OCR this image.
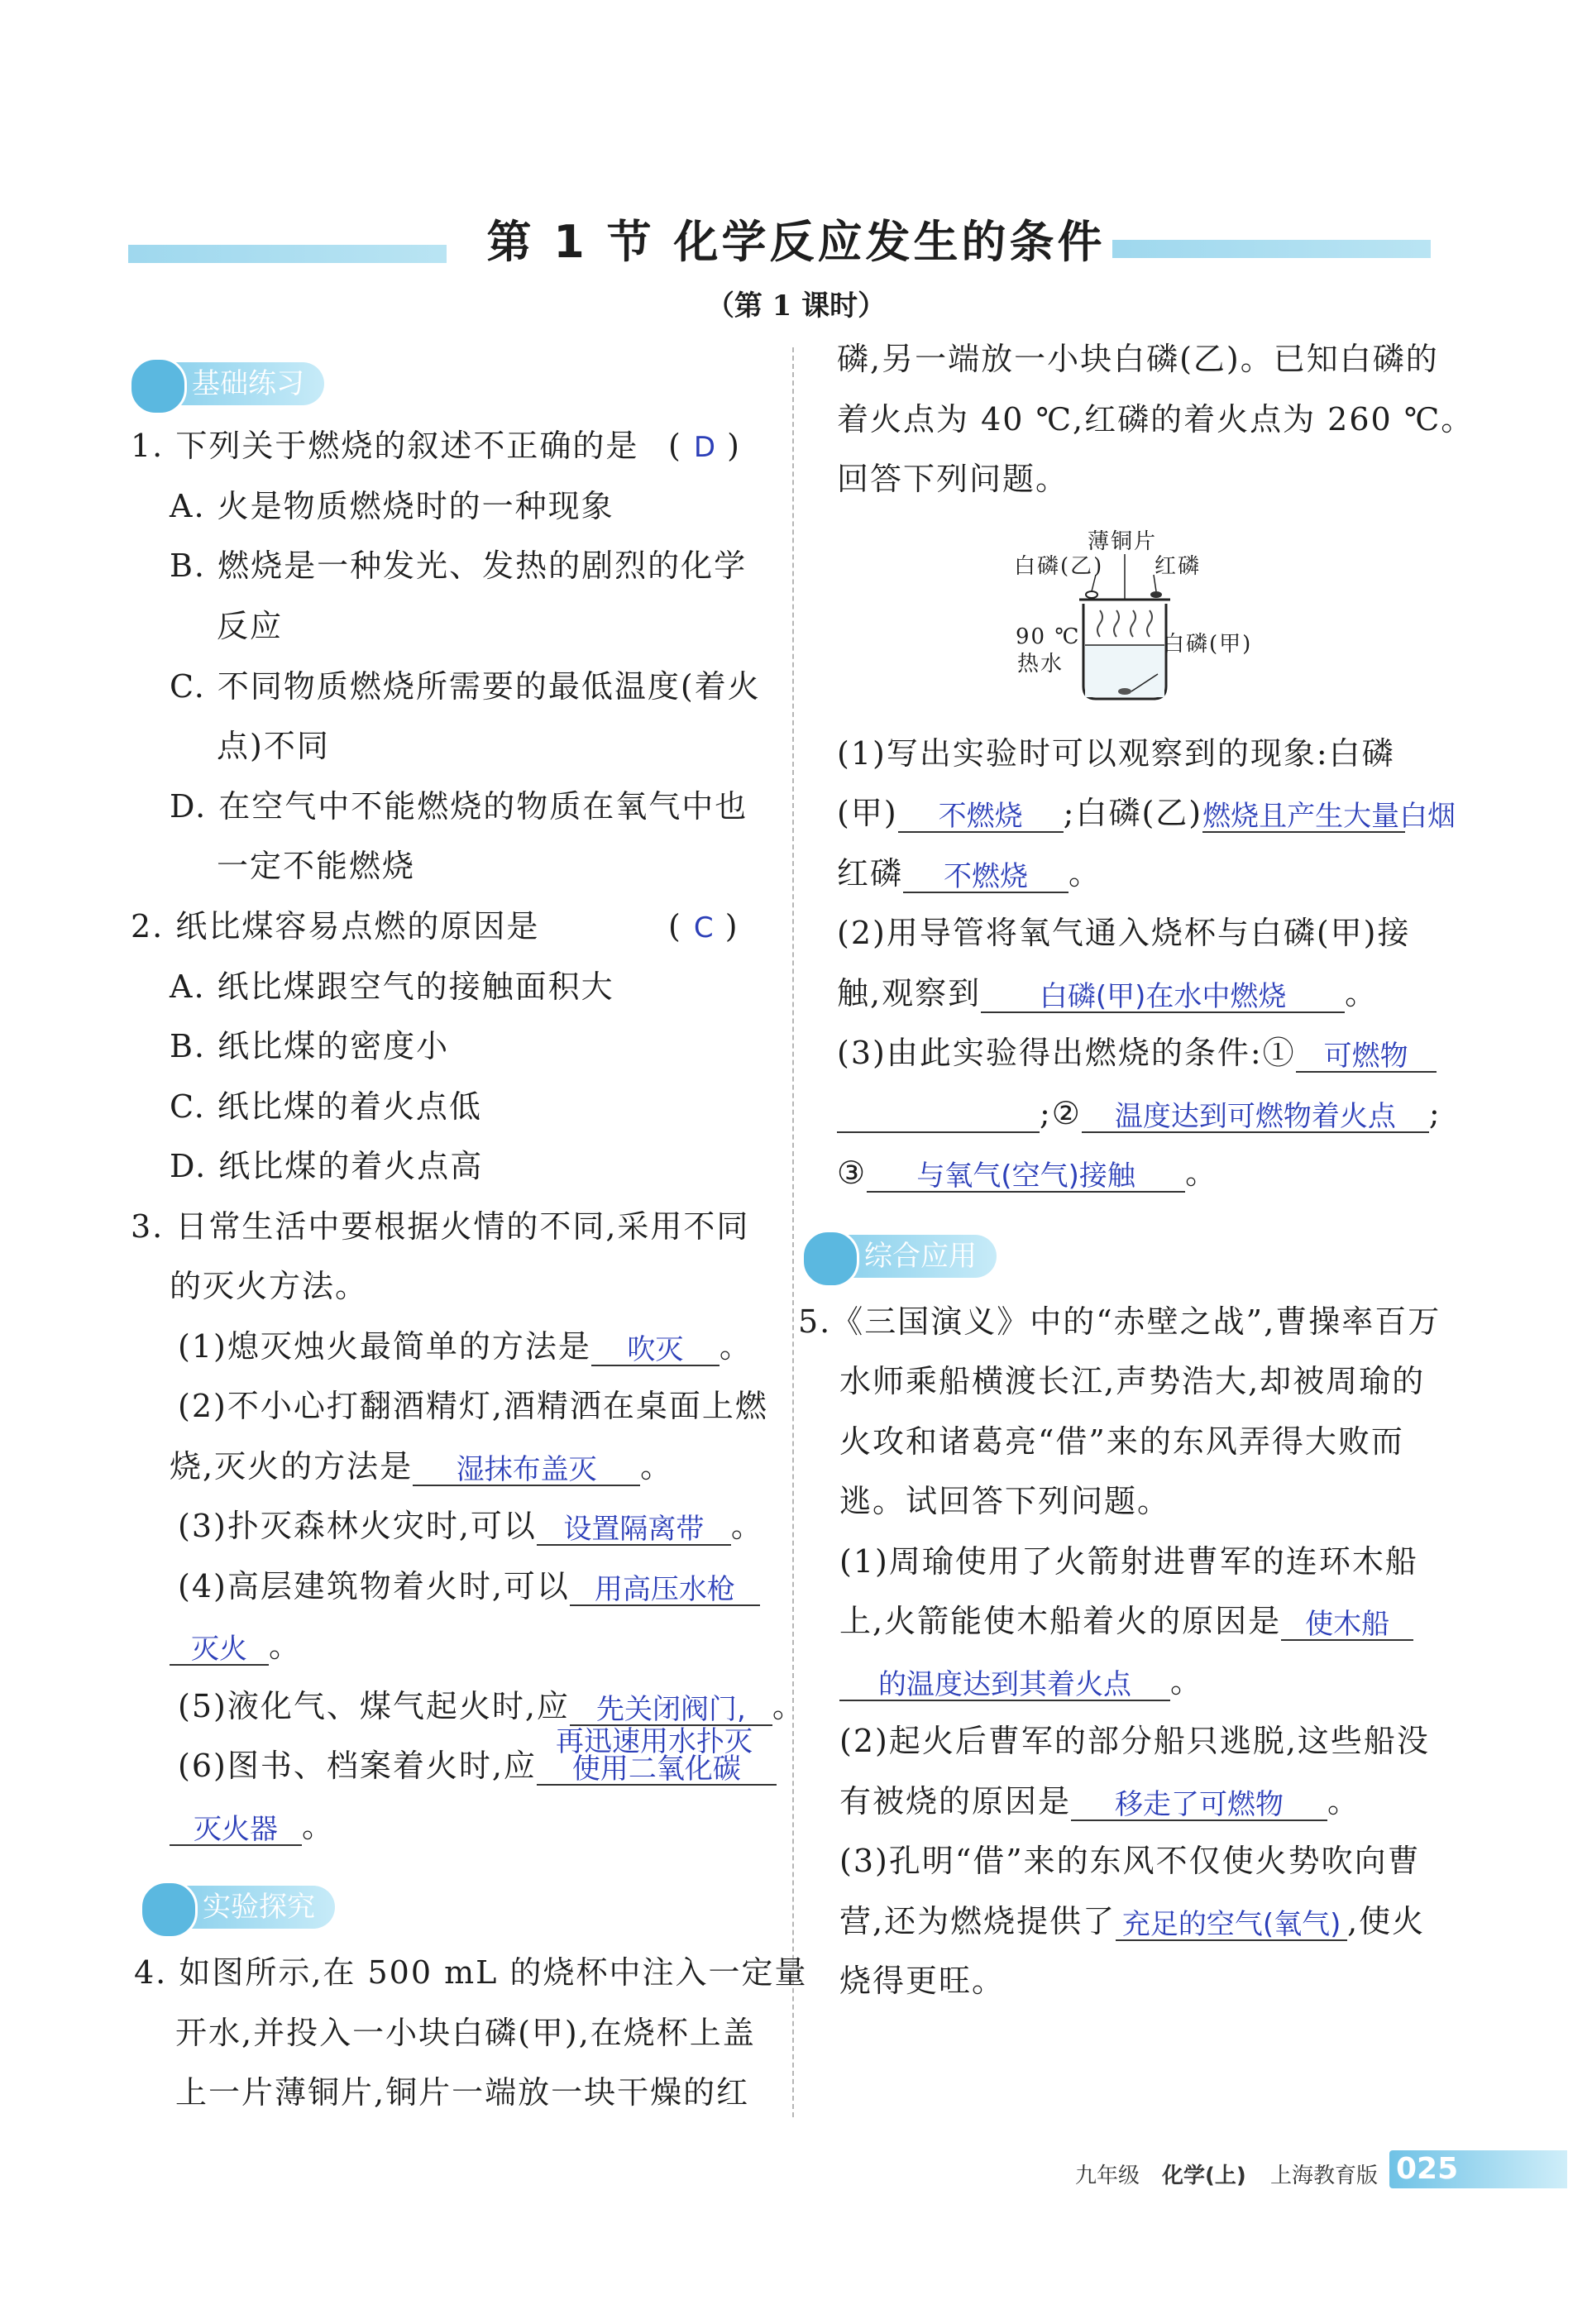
第 1 节 化学反应发生的条件
（第 1 课时）
基础练习
1. 下列关于燃烧的叙述不正确的是 ( D )
A. 火是物质燃烧时的一种现象
B. 燃烧是一种发光、发热的剧烈的化学
反应
C. 不同物质燃烧所需要的最低温度(着火
点)不同
D. 在空气中不能燃烧的物质在氧气中也
一定不能燃烧
2. 纸比煤容易点燃的原因是	( C )
A. 纸比煤跟空气的接触面积大
B. 纸比煤的密度小
C. 纸比煤的着火点低
D. 纸比煤的着火点高
3. 日常生活中要根据火情的不同,采用不同
的灭火方法。
(1)熄灭烛火最简单的方法是 吹灭 。
(2)不小心打翻酒精灯,酒精洒在桌面上燃
烧,灭火的方法是 湿抹布盖灭 。
(3)扑灭森林火灾时,可以 设置隔离带 。
(4)高层建筑物着火时,可以 用高压水枪
灭火 。
(5)液化气、煤气起火时,应 先关闭阀门, 。
再迅速用水扑灭
(6)图书、档案着火时,应 使用二氧化碳
灭火器 。
实验探究
4. 如图所示,在 500 mL 的烧杯中注入一定量
开水,并投入一小块白磷(甲),在烧杯上盖
上一片薄铜片,铜片一端放一块干燥的红
磷,另一端放一小块白磷(乙)。已知白磷的
着火点为 40 ℃,红磷的着火点为 260 ℃。
回答下列问题。
薄铜片
白磷(乙) 红磷
90 ℃
热水
白磷(甲)
(1)写出实验时可以观察到的现象:白磷
(甲) 不燃烧 ;白磷(乙)燃烧且产生大量白烟
红磷 不燃烧 。
(2)用导管将氧气通入烧杯与白磷(甲)接
触,观察到 白磷(甲)在水中燃烧 。
(3)由此实验得出燃烧的条件:① 可燃物
;② 温度达到可燃物着火点 ;
③ 与氧气(空气)接触 。
综合应用
5.《三国演义》中的“赤壁之战”,曹操率百万
水师乘船横渡长江,声势浩大,却被周瑜的
火攻和诸葛亮“借”来的东风弄得大败而
逃。试回答下列问题。
(1)周瑜使用了火箭射进曹军的连环木船
上,火箭能使木船着火的原因是 使木船
的温度达到其着火点 。
(2)起火后曹军的部分船只逃脱,这些船没
有被烧的原因是 移走了可燃物 。
(3)孔明“借”来的东风不仅使火势吹向曹
营,还为燃烧提供了 充足的空气(氧气) ,使火
烧得更旺。
九年级 化学(上) 上海教育版 025
